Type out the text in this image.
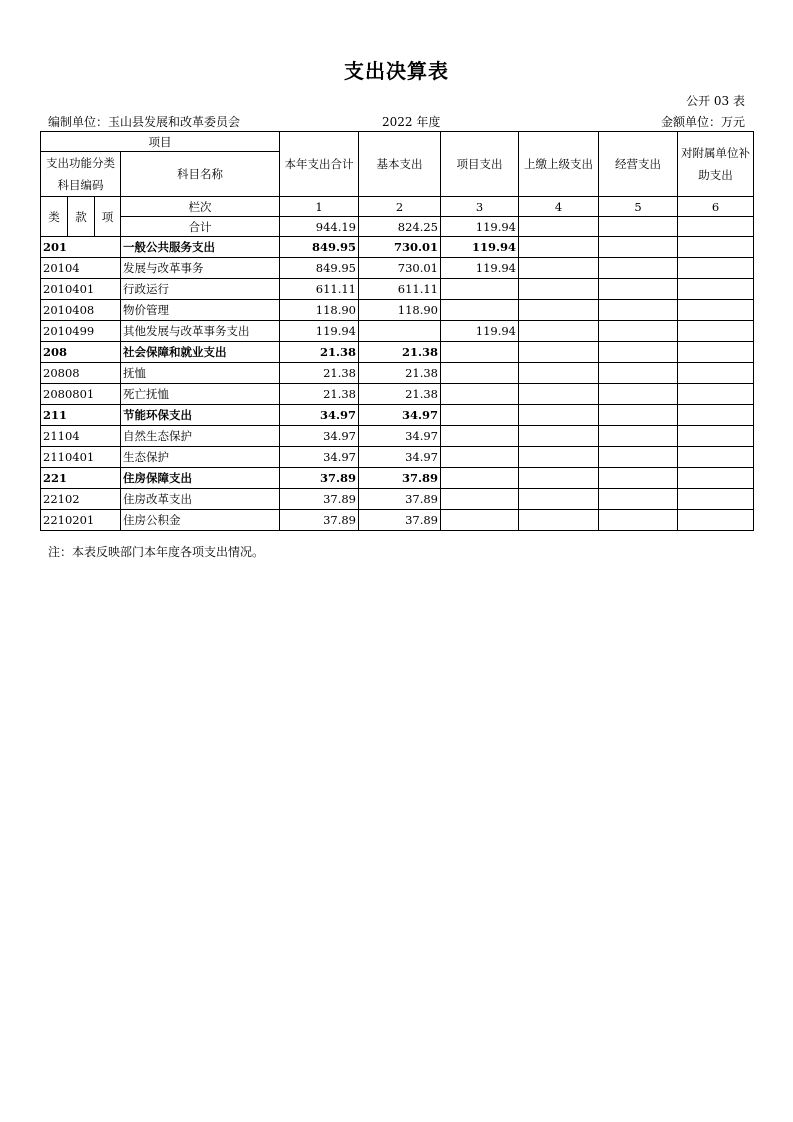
支出决算表
公开 03 表
编制单位：玉山县发展和改革委员会	2022 年度	金额单位：万元
项目				本年支出合计	基本支出	项目支出	上缴上级支出	经营支出	对附属单位补助支出
支出功能分类科目编码			科目名称						
类	款	项	栏次	1	2	3	4	5	6
			合计	944.19	824.25	119.94			
201			一般公共服务支出	849.95	730.01	119.94			
20104			发展与改革事务	849.95	730.01	119.94			
2010401			行政运行	611.11	611.11				
2010408			物价管理	118.90	118.90				
2010499			其他发展与改革事务支出	119.94		119.94			
208			社会保障和就业支出	21.38	21.38				
20808			抚恤	21.38	21.38				
2080801			死亡抚恤	21.38	21.38				
211			节能环保支出	34.97	34.97				
21104			自然生态保护	34.97	34.97				
2110401			生态保护	34.97	34.97				
221			住房保障支出	37.89	37.89				
22102			住房改革支出	37.89	37.89				
2210201			住房公积金	37.89	37.89				
注：本表反映部门本年度各项支出情况。
